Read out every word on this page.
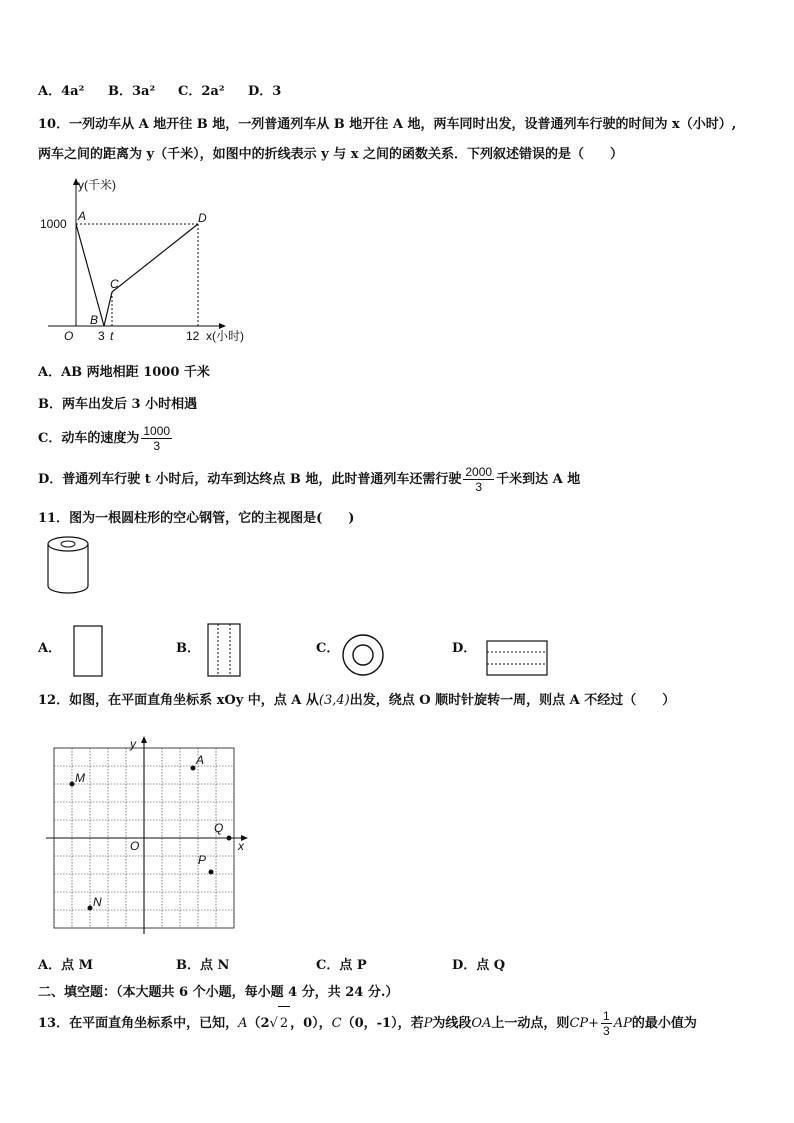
A．4a² B．3a² C．2a² D．3
10．一列动车从 A 地开往 B 地，一列普通列车从 B 地开往 A 地，两车同时出发，设普通列车行驶的时间为 x（小时）,
两车之间的距离为 y（千米），如图中的折线表示 y 与 x 之间的函数关系．下列叙述错误的是（　　）
y(千米)
1000
A	D
C
B
O 3 t	12 x(小时)
A．AB 两地相距 1000 千米
B．两车出发后 3 小时相遇
C．动车的速度为 $\frac{1000}{3}$
D．普通列车行驶 t 小时后，动车到达终点 B 地，此时普通列车还需行驶 $\frac{2000}{3}$ 千米到达 A 地
11．图为一根圆柱形的空心钢管，它的主视图是(　　)
A．	B．	C．	D．
12．如图，在平面直角坐标系 xOy 中，点 A 从(3,4)出发，绕点 O 顺时针旋转一周，则点 A 不经过（　　）
x
y
O
A
M
Q
P
N
A．点 M	B．点 N	C．点 P	D．点 Q
二、填空题：（本大题共 6 个小题，每小题 4 分，共 24 分.）
13．在平面直角坐标系中，已知，A（2√ 2 ，0），C（0，-1），若P为线段OA上一动点，则$CP+ \frac{1}{3}$ AP的最小值为
